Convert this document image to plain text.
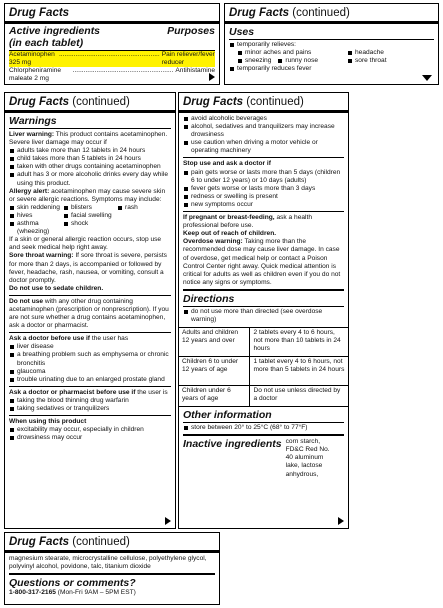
Drug Facts
Active ingredients
(in each tablet)
Purposes
Acetaminophen 325 mg
....................................................... Pain reliever/fever reducer
Chlorpheniramine maleate 2 mg
....................................................... Antihistamine
Drug Facts (continued)
Uses
temporarily relieves:
minor aches and pains	headache
sneezing	runny nose	sore throat
temporarily reduces fever
Drug Facts (continued)
Warnings
Liver warning: This product contains acetaminophen. Severe liver damage may occur if
adults take more than 12 tablets in 24 hours
child takes more than 5 tablets in 24 hours
taken with other drugs containing acetaminophen
adult has 3 or more alcoholic drinks every day while using this product.
Allergy alert: acetaminophen may cause severe skin or severe allergic reactions. Symptoms may include:
skin reddening	blisters	rash
hives	facial swelling
asthma (wheezing)
shock
If a skin or general allergic reaction occurs, stop use and seek medical help right away.
Sore throat warning: If sore throat is severe, persists for more than 2 days, is accompanied or followed by fever, headache, rash, nausea, or vomiting, consult a doctor promptly.
Do not use to sedate children.
Do not use with any other drug containing acetaminophen (prescription or nonprescription). If you are not sure whether a drug contains acetaminophen, ask a doctor or pharmacist.
Ask a doctor before use if the user has
liver disease
a breathing problem such as emphysema or chronic bronchitis
glaucoma
trouble urinating due to an enlarged prostate gland
Ask a doctor or pharmacist before use if the user is
taking the blood thinning drug warfarin
taking sedatives or tranquilizers
When using this product
excitability may occur, especially in children
drowsiness may occur
Drug Facts (continued)
avoid alcoholic beverages
alcohol, sedatives and tranquilizers may increase drowsiness
use caution when driving a motor vehicle or operating machinery
Stop use and ask a doctor if
pain gets worse or lasts more than 5 days (children 6 to under 12 years) or 10 days (adults)
fever gets worse or lasts more than 3 days
redness or swelling is present
new symptoms occur
If pregnant or breast-feeding, ask a health professional before use.
Keep out of reach of children.
Overdose warning: Taking more than the recommended dose may cause liver damage. In case of overdose, get medical help or contact a Poison Control Center right away. Quick medical attention is critical for adults as well as children even if you do not notice any signs or symptoms.
Directions
do not use more than directed (see overdose warning)
Adults and children 12 years and over	2 tablets every 4 to 6 hours, not more than 10 tablets in 24 hours
Children 6 to under 12 years of age	1 tablet every 4 to 6 hours, not more than 5 tablets in 24 hours
Children under 6 years of age	Do not use unless directed by a doctor
Other information
store between 20° to 25°C (68° to 77°F)
Inactive ingredients corn starch, FD&C Red No. 40 aluminum lake, lactose anhydrous,
Drug Facts (continued)
magnesium stearate, microcrystalline cellulose, polyethylene glycol, polyvinyl alcohol, povidone, talc, titanium dioxide
Questions or comments?
1-800-317-2165 (Mon-Fri 9AM – 5PM EST)
